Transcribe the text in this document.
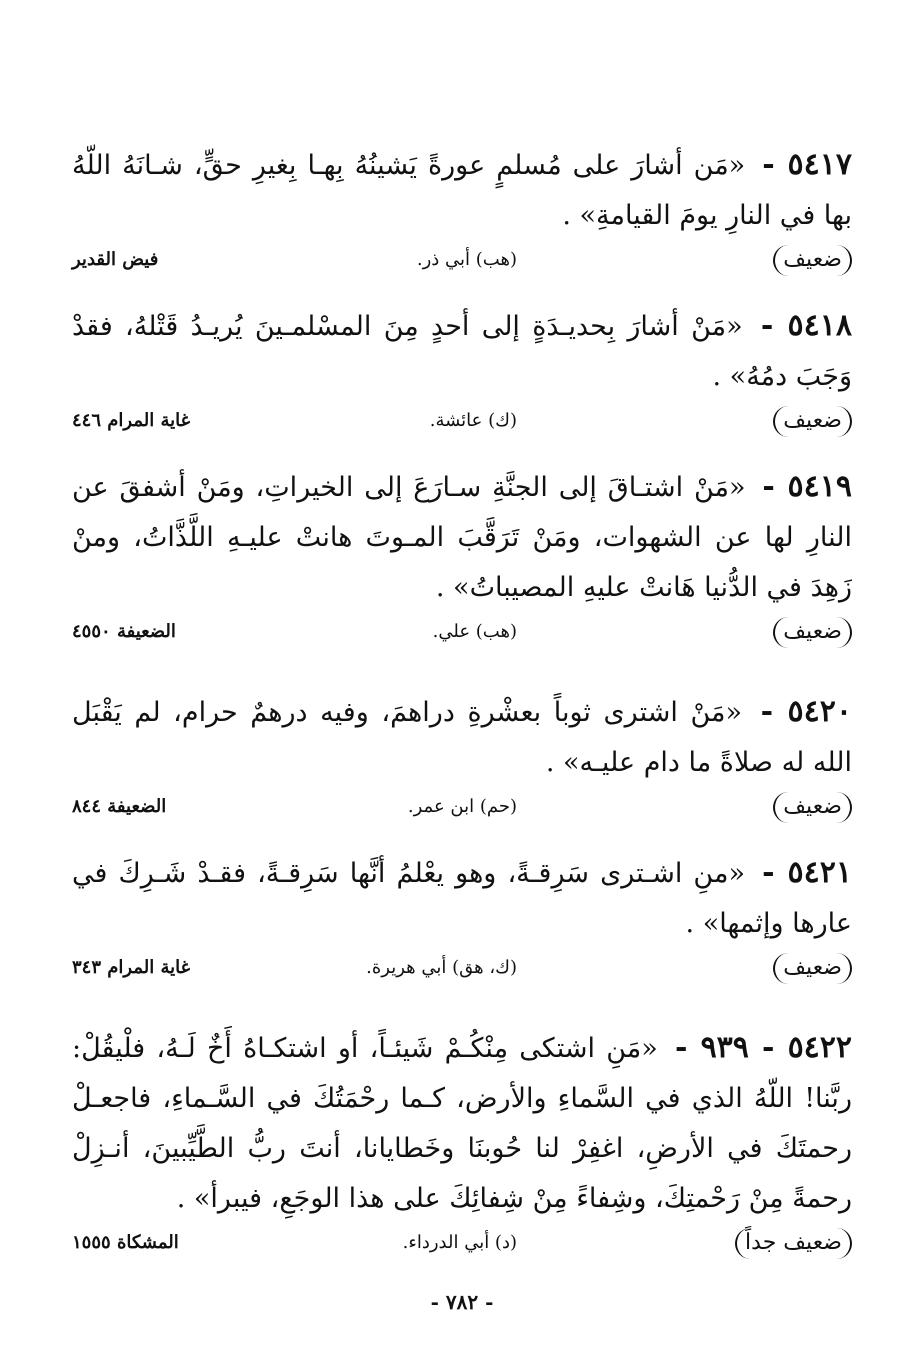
٥٤١٧ - «مَن أشارَ على مُسلمٍ عورةً يَشينُهُ بِهـا بِغيرِ حقٍّ، شـانَهُ اللّهُ بها في النارِ يومَ القيامةِ» .
ضعيف
(هب) أبي ذر.
فيض القدير
٥٤١٨ - «مَنْ أشارَ بِحديـدَةٍ إلى أحدٍ مِنَ المسْلمـينَ يُريـدُ قَتْلهُ، فقدْ وَجَبَ دمُهُ» .
ضعيف
(ك) عائشة.
غاية المرام ٤٤٦
٥٤١٩ - «مَنْ اشتـاقَ إلى الجنَّةِ سـارَعَ إلى الخيراتِ، ومَنْ أشفقَ عن النارِ لها عن الشهوات، ومَنْ تَرَقَّبَ المـوتَ هانتْ عليـهِ اللَّذَّاتُ، ومنْ زَهِدَ في الدُّنيا هَانتْ عليهِ المصيباتُ» .
ضعيف
(هب) علي.
الضعيفة ٤٥٥٠
٥٤٢٠ - «مَنْ اشترى ثوباً بعشْرةِ دراهمَ، وفيه درهمٌ حرام، لم يَقْبَل الله له صلاةً ما دام عليـه» .
ضعيف
(حم) ابن عمر.
الضعيفة ٨٤٤
٥٤٢١ - «منِ اشـترى سَرِقـةً، وهو يعْلمُ أنَّها سَرِقـةً، فقـدْ شَـرِكَ في عارها وإثمها» .
ضعيف
(ك، هق) أبي هريرة.
غاية المرام ٣٤٣
٥٤٢٢ - ٩٣٩ - «مَنِ اشتكى مِنْكُـمْ شَيئـاً، أو اشتكـاهُ أَخٌ لَـهُ، فلْيقُلْ: ربَّنا! اللّهُ الذي في السَّماءِ والأرض، كـما رحْمَتُكَ في السَّـماءِ، فاجعـلْ رحمتَكَ في الأرضِ، اغفِرْ لنا حُوبنَا وخَطايانا، أنتَ ربُّ الطَّيِّبينَ، أنـزِلْ رحمةً مِنْ رَحْمتِكَ، وشِفاءً مِنْ شِفائِكَ على هذا الوجَعِ، فيبرأ» .
ضعيف جداً
(د) أبي الدرداء.
المشكاة ١٥٥٥
- ٧٨٢ -
